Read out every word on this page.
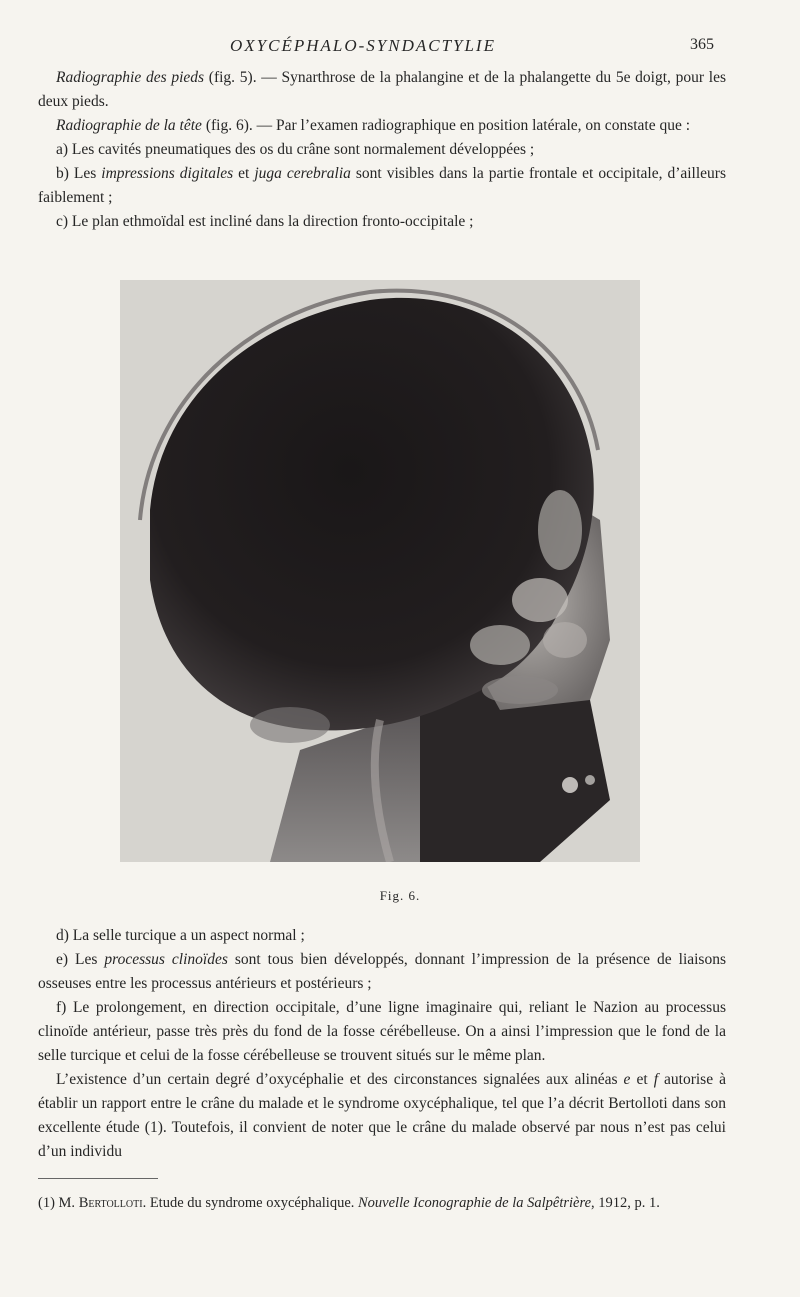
OXYCÉPHALO-SYNDACTYLIE	365

Radiographie des pieds (fig. 5). — Synarthrose de la phalangine et de la phalangette du 5e doigt, pour les deux pieds.

Radiographie de la tête (fig. 6). — Par l’examen radiographique en position latérale, on constate que :

a) Les cavités pneumatiques des os du crâne sont normalement développées ;

b) Les impressions digitales et juga cerebralia sont visibles dans la partie frontale et occipitale, d’ailleurs faiblement ;

c) Le plan ethmoïdal est incliné dans la direction fronto-occipitale ;

Fig. 6.

d) La selle turcique a un aspect normal ;

e) Les processus clinoïdes sont tous bien développés, donnant l’impression de la présence de liaisons osseuses entre les processus antérieurs et postérieurs ;

f) Le prolongement, en direction occipitale, d’une ligne imaginaire qui, reliant le Nazion au processus clinoïde antérieur, passe très près du fond de la fosse cérébelleuse. On a ainsi l’impression que le fond de la selle turcique et celui de la fosse cérébelleuse se trouvent situés sur le même plan.

L’existence d’un certain degré d’oxycéphalie et des circonstances signalées aux alinéas e et f autorise à établir un rapport entre le crâne du malade et le syndrome oxycéphalique, tel que l’a décrit Bertolloti dans son excellente étude (1). Toutefois, il convient de noter que le crâne du malade observé par nous n’est pas celui d’un individu

(1) M. Bertolloti. Etude du syndrome oxycéphalique. Nouvelle Iconographie de la Salpêtrière, 1912, p. 1.
